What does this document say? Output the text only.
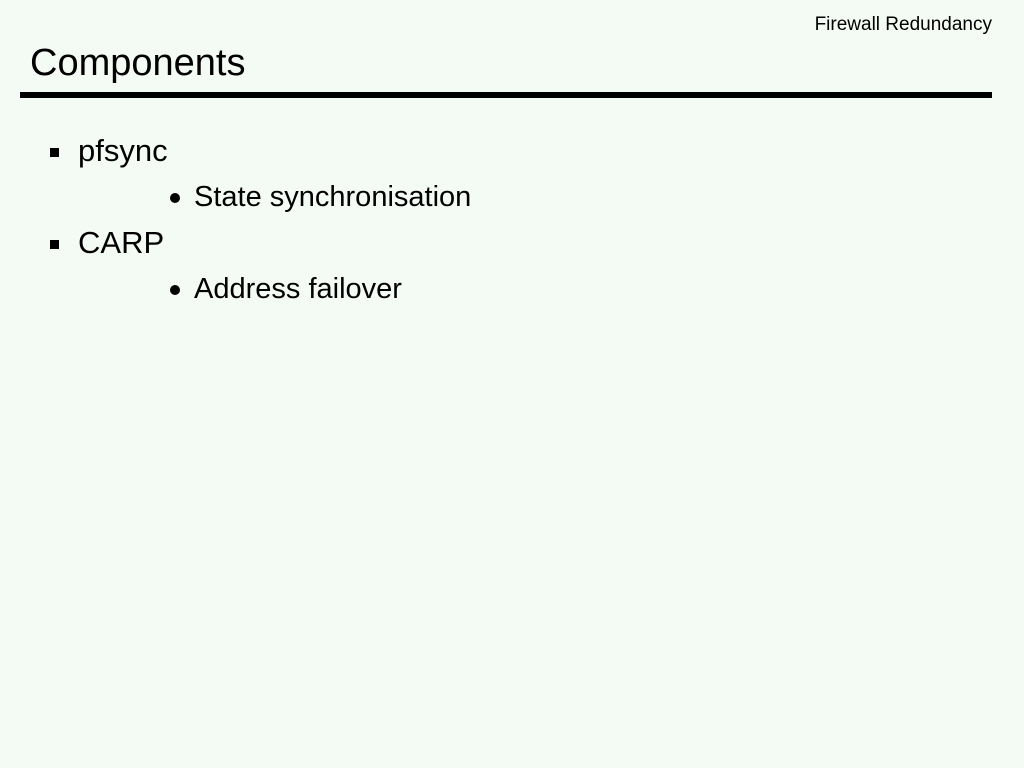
Firewall Redundancy
Components
pfsync
State synchronisation
CARP
Address failover
